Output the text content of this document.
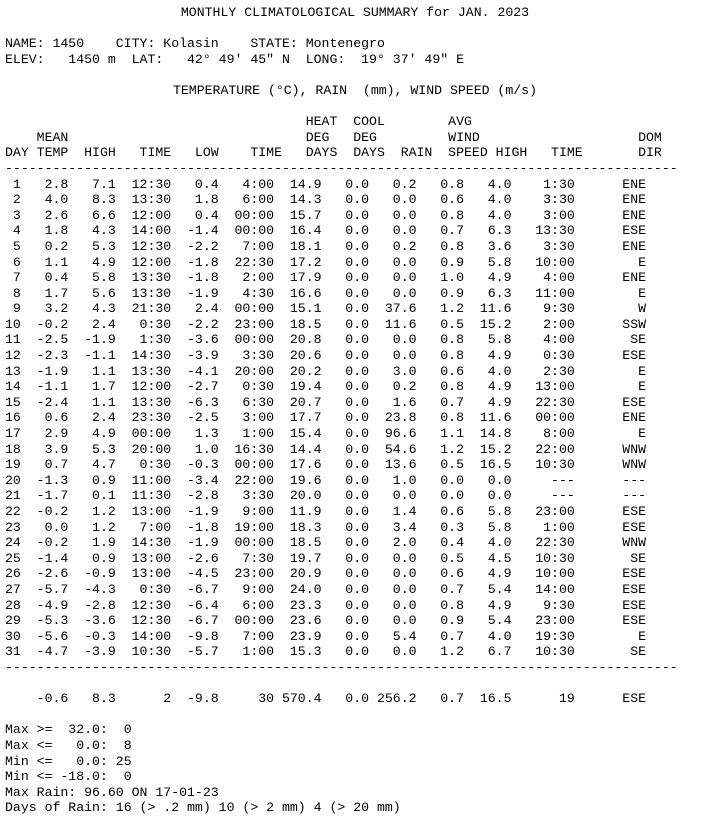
MONTHLY CLIMATOLOGICAL SUMMARY for JAN. 2023

NAME: 1450    CITY: Kolasin    STATE: Montenegro
ELEV:   1450 m  LAT:   42° 49' 45" N  LONG:  19° 37' 49" E

TEMPERATURE (°C), RAIN  (mm), WIND SPEED (m/s)

HEAT  COOL        AVG
MEAN                              DEG   DEG         WIND                    DOM
DAY TEMP  HIGH   TIME   LOW    TIME   DAYS  DAYS  RAIN  SPEED HIGH   TIME       DIR
-------------------------------------------------------------------------------------
1   2.8   7.1  12:30   0.4   4:00  14.9   0.0   0.2   0.8   4.0    1:30      ENE
2   4.0   8.3  13:30   1.8   6:00  14.3   0.0   0.0   0.6   4.0    3:30      ENE
3   2.6   6.6  12:00   0.4  00:00  15.7   0.0   0.0   0.8   4.0    3:00      ENE
4   1.8   4.3  14:00  -1.4  00:00  16.4   0.0   0.0   0.7   6.3   13:30      ESE
5   0.2   5.3  12:30  -2.2   7:00  18.1   0.0   0.2   0.8   3.6    3:30      ENE
6   1.1   4.9  12:00  -1.8  22:30  17.2   0.0   0.0   0.9   5.8   10:00        E
7   0.4   5.8  13:30  -1.8   2:00  17.9   0.0   0.0   1.0   4.9    4:00      ENE
8   1.7   5.6  13:30  -1.9   4:30  16.6   0.0   0.0   0.9   6.3   11:00        E
9   3.2   4.3  21:30   2.4  00:00  15.1   0.0  37.6   1.2  11.6    9:30        W
10  -0.2   2.4   0:30  -2.2  23:00  18.5   0.0  11.6   0.5  15.2    2:00      SSW
11  -2.5  -1.9   1:30  -3.6  00:00  20.8   0.0   0.0   0.8   5.8    4:00       SE
12  -2.3  -1.1  14:30  -3.9   3:30  20.6   0.0   0.0   0.8   4.9    0:30      ESE
13  -1.9   1.1  13:30  -4.1  20:00  20.2   0.0   3.0   0.6   4.0    2:30        E
14  -1.1   1.7  12:00  -2.7   0:30  19.4   0.0   0.2   0.8   4.9   13:00        E
15  -2.4   1.1  13:30  -6.3   6:30  20.7   0.0   1.6   0.7   4.9   22:30      ESE
16   0.6   2.4  23:30  -2.5   3:00  17.7   0.0  23.8   0.8  11.6   00:00      ENE
17   2.9   4.9  00:00   1.3   1:00  15.4   0.0  96.6   1.1  14.8    8:00        E
18   3.9   5.3  20:00   1.0  16:30  14.4   0.0  54.6   1.2  15.2   22:00      WNW
19   0.7   4.7   0:30  -0.3  00:00  17.6   0.0  13.6   0.5  16.5   10:30      WNW
20  -1.3   0.9  11:00  -3.4  22:00  19.6   0.0   1.0   0.0   0.0     ---      ---
21  -1.7   0.1  11:30  -2.8   3:30  20.0   0.0   0.0   0.0   0.0     ---      ---
22  -0.2   1.2  13:00  -1.9   9:00  11.9   0.0   1.4   0.6   5.8   23:00      ESE
23   0.0   1.2   7:00  -1.8  19:00  18.3   0.0   3.4   0.3   5.8    1:00      ESE
24  -0.2   1.9  14:30  -1.9  00:00  18.5   0.0   2.0   0.4   4.0   22:30      WNW
25  -1.4   0.9  13:00  -2.6   7:30  19.7   0.0   0.0   0.5   4.5   10:30       SE
26  -2.6  -0.9  13:00  -4.5  23:00  20.9   0.0   0.0   0.6   4.9   10:00      ESE
27  -5.7  -4.3   0:30  -6.7   9:00  24.0   0.0   0.0   0.7   5.4   14:00      ESE
28  -4.9  -2.8  12:30  -6.4   6:00  23.3   0.0   0.0   0.8   4.9    9:30      ESE
29  -5.3  -3.6  12:30  -6.7  00:00  23.6   0.0   0.0   0.9   5.4   23:00      ESE
30  -5.6  -0.3  14:00  -9.8   7:00  23.9   0.0   5.4   0.7   4.0   19:30        E
31  -4.7  -3.9  10:30  -5.7   1:00  15.3   0.0   0.0   1.2   6.7   10:30       SE
-------------------------------------------------------------------------------------

-0.6   8.3      2  -9.8     30 570.4   0.0 256.2   0.7  16.5      19      ESE

Max >=  32.0:  0
Max <=   0.0:  8
Min <=   0.0: 25
Min <= -18.0:  0
Max Rain: 96.60 ON 17-01-23
Days of Rain: 16 (> .2 mm) 10 (> 2 mm) 4 (> 20 mm)
